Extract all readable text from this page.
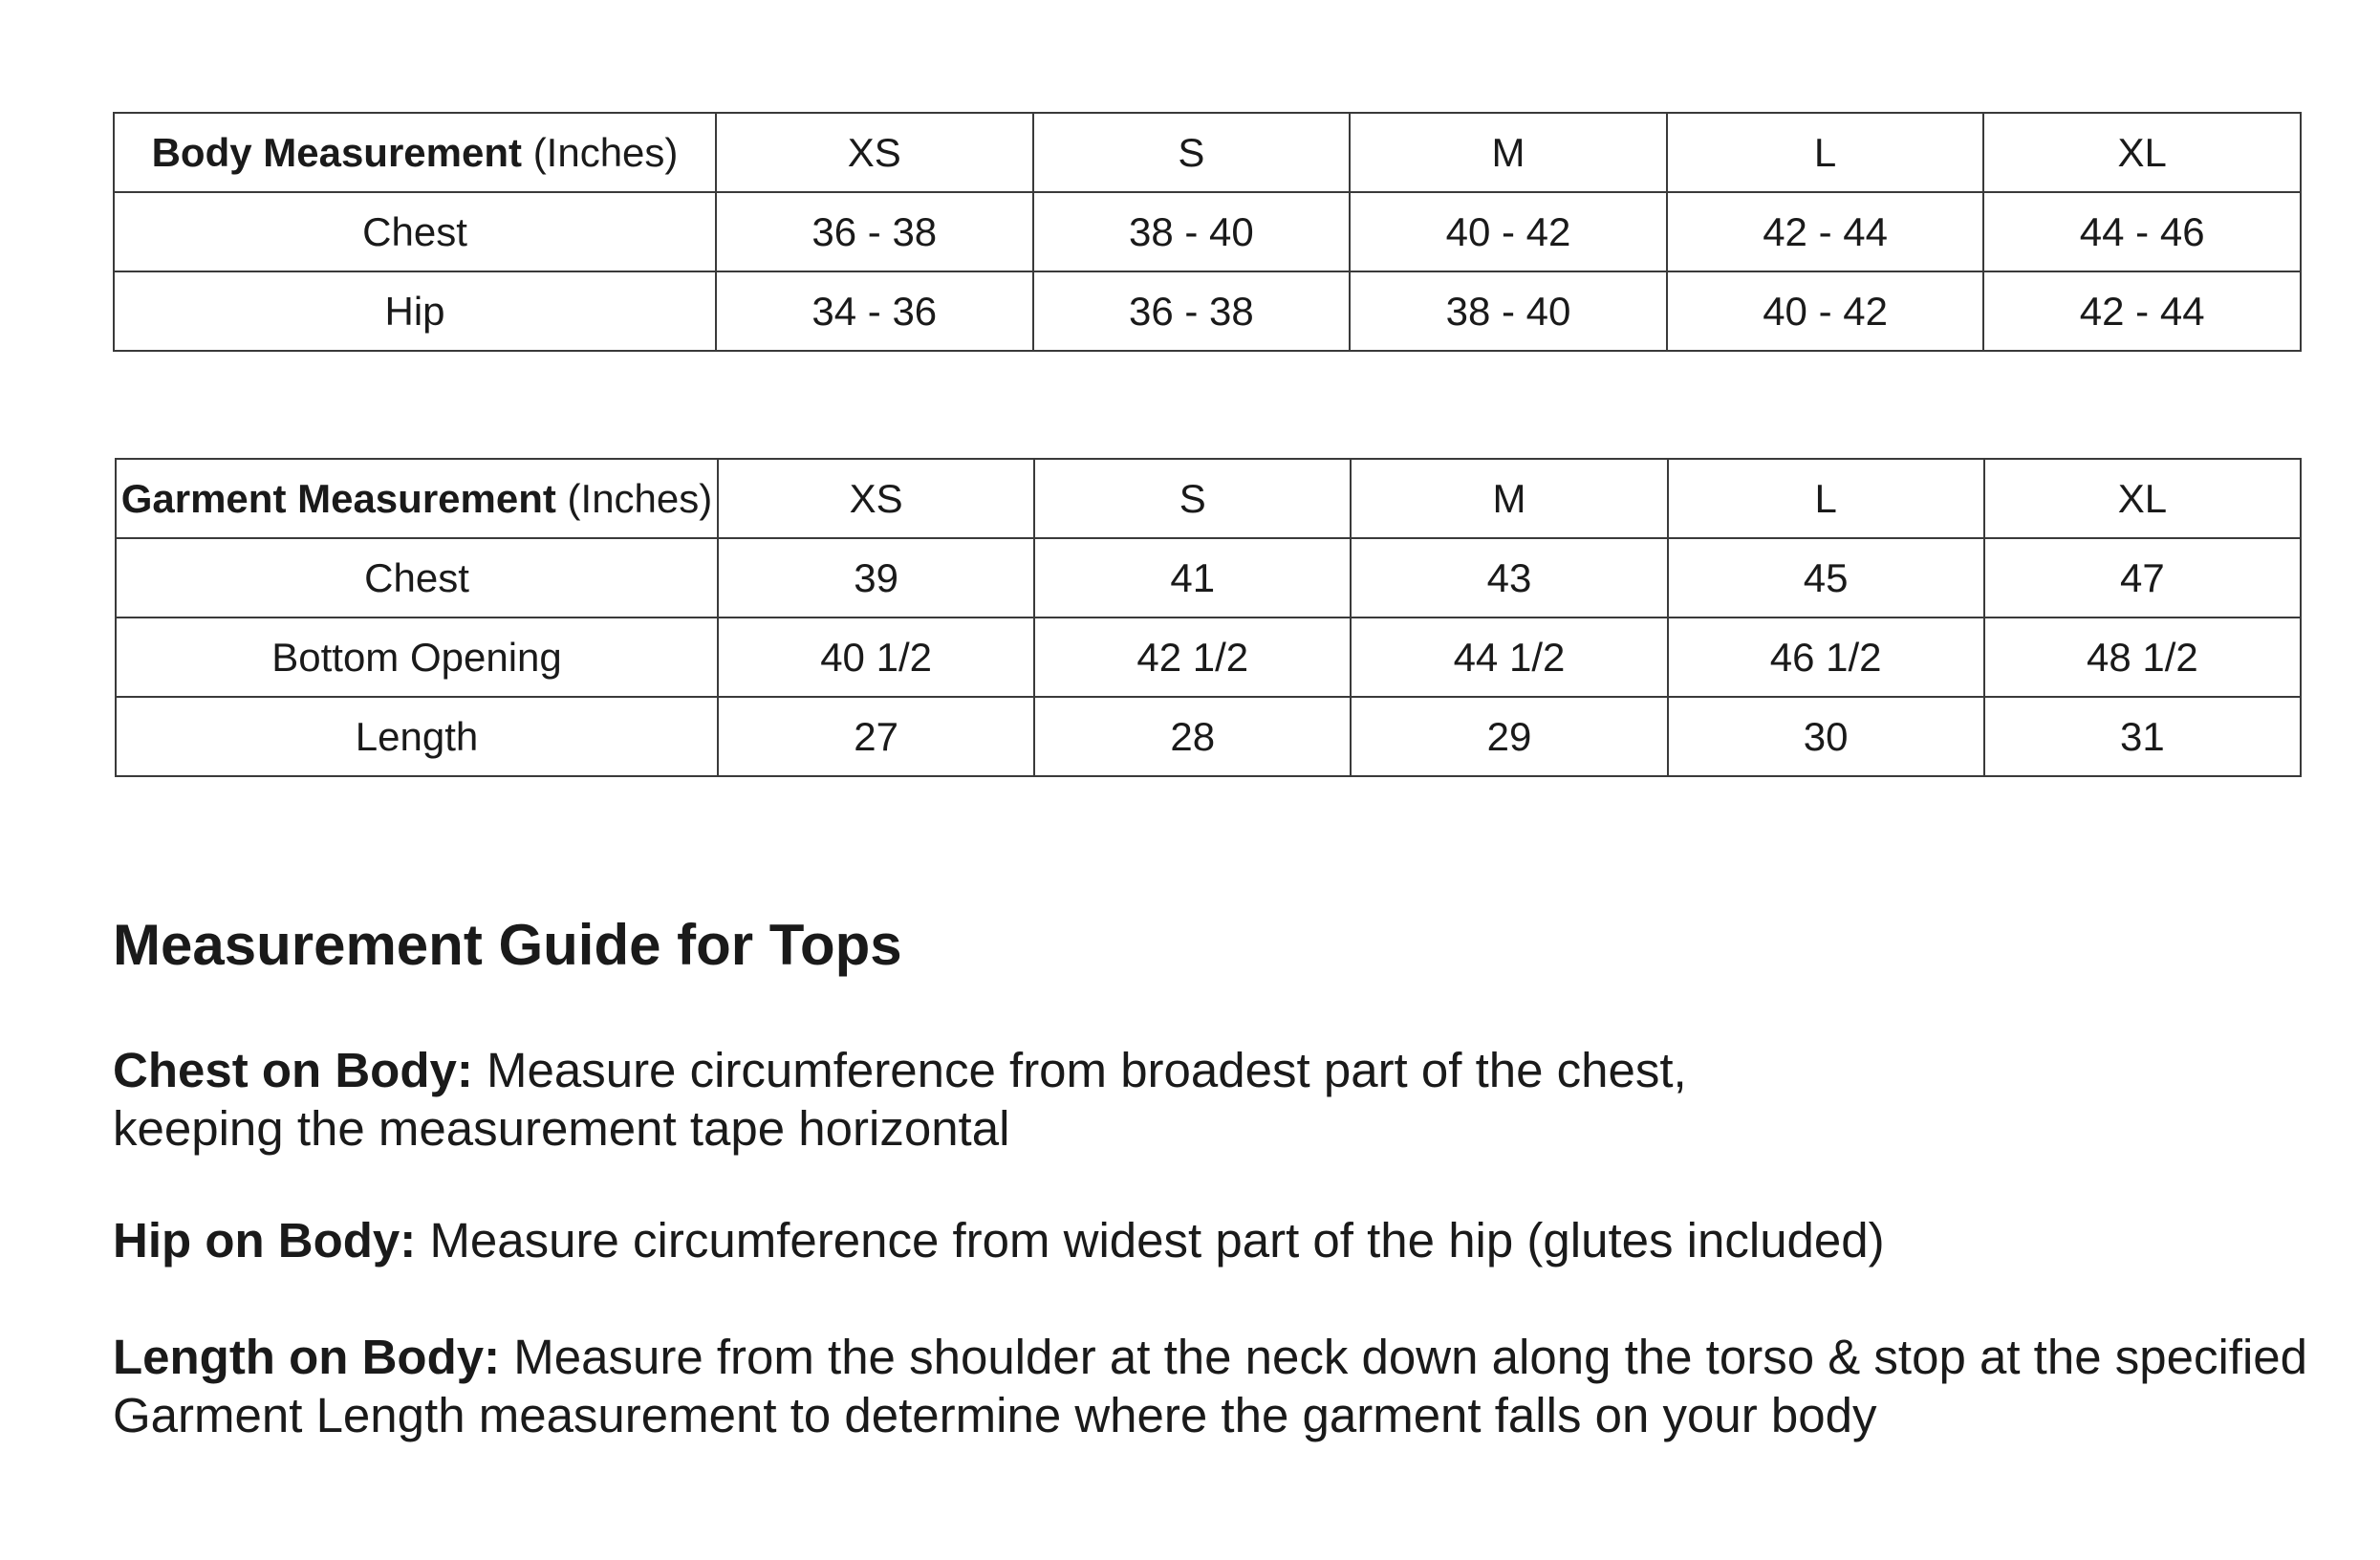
Body Measurement (Inches)	XS	S	M	L	XL
Chest	36 - 38	38 - 40	40 - 42	42 - 44	44 - 46
Hip	34 - 36	36 - 38	38 - 40	40 - 42	42 - 44
Garment Measurement (Inches)	XS	S	M	L	XL
Chest	39	41	43	45	47
Bottom Opening	40 1/2	42 1/2	44 1/2	46 1/2	48 1/2
Length	27	28	29	30	31
Measurement Guide for Tops
Chest on Body: Measure circumference from broadest part of the chest,
keeping the measurement tape horizontal
Hip on Body: Measure circumference from widest part of the hip (glutes included)
Length on Body: Measure from the shoulder at the neck down along the torso & stop at the specified
Garment Length measurement to determine where the garment falls on your body
